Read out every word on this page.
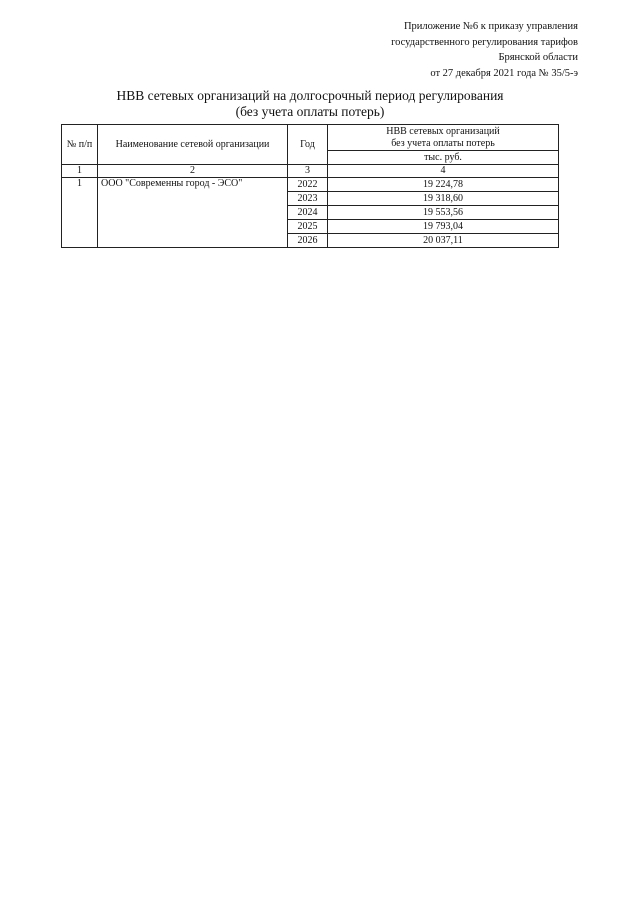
Приложение №6 к приказу управления
государственного регулирования тарифов
Брянской области
от 27 декабря 2021 года № 35/5-э
НВВ сетевых организаций на долгосрочный период регулирования
(без учета оплаты потерь)
№ п/п	Наименование сетевой организации	Год	НВВ сетевых организаций
без учета оплаты потерь

			тыс. руб.
1	2	3	4
1	ООО "Современны город - ЭСО"	2022	19 224,78
		2023	19 318,60
		2024	19 553,56
		2025	19 793,04
		2026	20 037,11
